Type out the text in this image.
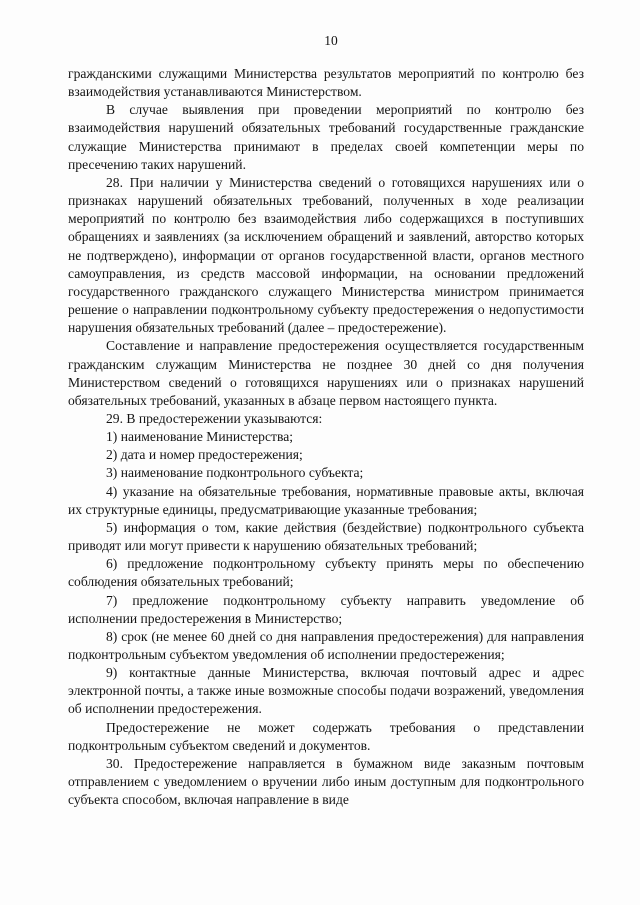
10

гражданскими служащими Министерства результатов мероприятий по контролю без взаимодействия устанавливаются Министерством.

В случае выявления при проведении мероприятий по контролю без взаимодействия нарушений обязательных требований государственные гражданские служащие Министерства принимают в пределах своей компетенции меры по пресечению таких нарушений.

28. При наличии у Министерства сведений о готовящихся нарушениях или о признаках нарушений обязательных требований, полученных в ходе реализации мероприятий по контролю без взаимодействия либо содержащихся в поступивших обращениях и заявлениях (за исключением обращений и заявлений, авторство которых не подтверждено), информации от органов государственной власти, органов местного самоуправления, из средств массовой информации, на основании предложений государственного гражданского служащего Министерства министром принимается решение о направлении подконтрольному субъекту предостережения о недопустимости нарушения обязательных требований (далее – предостережение).

Составление и направление предостережения осуществляется государственным гражданским служащим Министерства не позднее 30 дней со дня получения Министерством сведений о готовящихся нарушениях или о признаках нарушений обязательных требований, указанных в абзаце первом настоящего пункта.

29. В предостережении указываются:

1) наименование Министерства;

2) дата и номер предостережения;

3) наименование подконтрольного субъекта;

4) указание на обязательные требования, нормативные правовые акты, включая их структурные единицы, предусматривающие указанные требования;

5) информация о том, какие действия (бездействие) подконтрольного субъекта приводят или могут привести к нарушению обязательных требований;

6) предложение подконтрольному субъекту принять меры по обеспечению соблюдения обязательных требований;

7) предложение подконтрольному субъекту направить уведомление об исполнении предостережения в Министерство;

8) срок (не менее 60 дней со дня направления предостережения) для направления подконтрольным субъектом уведомления об исполнении предостережения;

9) контактные данные Министерства, включая почтовый адрес и адрес электронной почты, а также иные возможные способы подачи возражений, уведомления об исполнении предостережения.

Предостережение не может содержать требования о представлении подконтрольным субъектом сведений и документов.

30. Предостережение направляется в бумажном виде заказным почтовым отправлением с уведомлением о вручении либо иным доступным для подконтрольного субъекта способом, включая направление в виде
